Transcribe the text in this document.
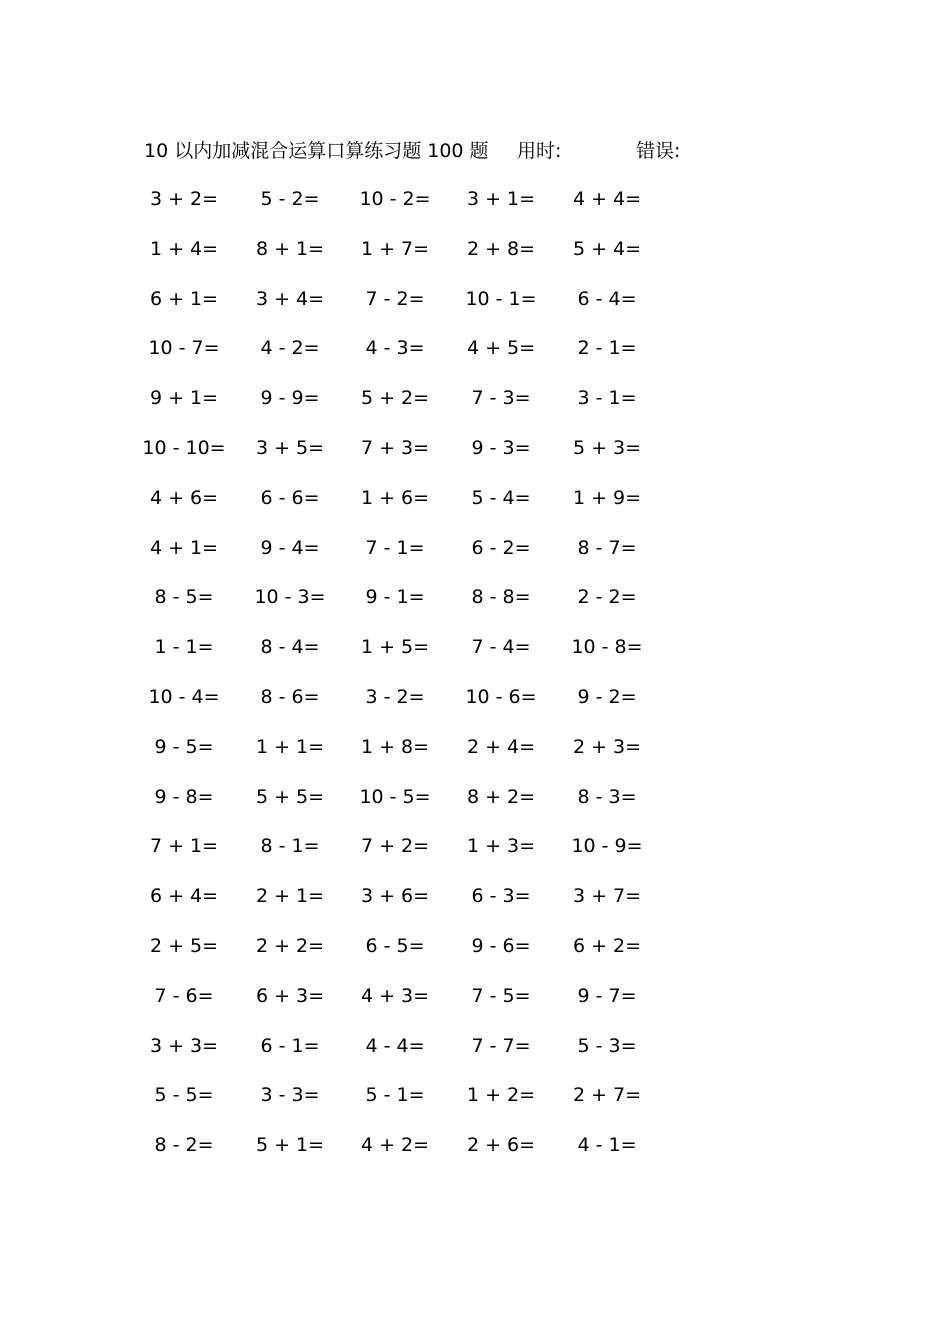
10 以内加减混合运算口算练习题 100 题 用时:	错误:
3 + 2= 5 - 2= 10 - 2= 3 + 1= 4 + 4=
1 + 4= 8 + 1= 1 + 7= 2 + 8= 5 + 4=
6 + 1= 3 + 4= 7 - 2= 10 - 1= 6 - 4=
10 - 7= 4 - 2= 4 - 3= 4 + 5= 2 - 1=
9 + 1= 9 - 9= 5 + 2= 7 - 3= 3 - 1=
10 - 10= 3 + 5= 7 + 3= 9 - 3= 5 + 3=
4 + 6= 6 - 6= 1 + 6= 5 - 4= 1 + 9=
4 + 1= 9 - 4= 7 - 1= 6 - 2= 8 - 7=
8 - 5= 10 - 3= 9 - 1= 8 - 8= 2 - 2=
1 - 1= 8 - 4= 1 + 5= 7 - 4= 10 - 8=
10 - 4= 8 - 6= 3 - 2= 10 - 6= 9 - 2=
9 - 5= 1 + 1= 1 + 8= 2 + 4= 2 + 3=
9 - 8= 5 + 5= 10 - 5= 8 + 2= 8 - 3=
7 + 1= 8 - 1= 7 + 2= 1 + 3= 10 - 9=
6 + 4= 2 + 1= 3 + 6= 6 - 3= 3 + 7=
2 + 5= 2 + 2= 6 - 5= 9 - 6= 6 + 2=
7 - 6= 6 + 3= 4 + 3= 7 - 5= 9 - 7=
3 + 3= 6 - 1= 4 - 4= 7 - 7= 5 - 3=
5 - 5= 3 - 3= 5 - 1= 1 + 2= 2 + 7=
8 - 2= 5 + 1= 4 + 2= 2 + 6= 4 - 1=
